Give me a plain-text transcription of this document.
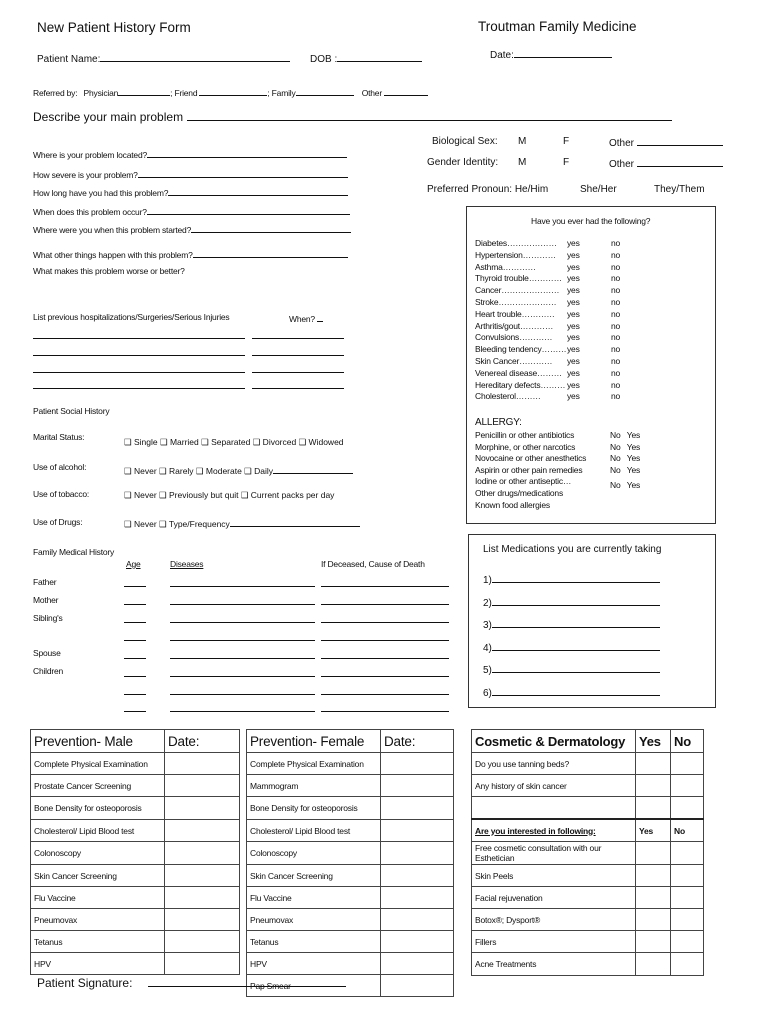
New Patient History Form	Troutman Family Medicine
Patient Name:	DOB :	Date:
Referred by: Physician	; Friend	; Family	Other
Describe your main problem
Where is your problem located?
How severe is your problem?
How long have you had this problem?
When does this problem occur?
Where were you when this problem started?
What other things happen with this problem?
What makes this problem worse or better?
Biological Sex: M	F	Other
Gender Identity: M	F	Other
Preferred Pronoun: He/Him	She/Her	They/Them
Have you ever had the following?
Diabetes……………… yes	no
Hypertension………… yes	no
Asthma…………	yes	no
Thyroid trouble………… yes	no
Cancer………………… yes	no
Stroke………………… yes	no
Heart trouble………… yes	no
Arthritis/gout………… yes	no
Convulsions………… yes	no
Bleeding tendency……… yes	no
Skin Cancer………… yes	no
Venereal disease……… yes	no
Hereditary defects……… yes	no
Cholesterol………	yes	no
ALLERGY:
Penicillin or other antibiotics	No   Yes
Morphine, or other narcotics	No   Yes
Novocaine or other anesthetics	No   Yes
Aspirin or other pain remedies	No   Yes
Iodine or other antiseptic…	No   Yes
Other drugs/medications
Known food allergies
List previous hospitalizations/Surgeries/Serious Injuries	When?
Patient Social History
Marital Status:	❑ Single ❑ Married ❑ Separated ❑ Divorced ❑ Widowed
Use of alcohol:	❑ Never ❑ Rarely ❑ Moderate ❑ Daily
Use of tobacco:	❑ Never ❑ Previously but quit ❑ Current packs per day
Use of Drugs:	❑ Never ❑ Type/Frequency
Family Medical History
Age	Diseases	If Deceased, Cause of Death
Father
Mother
Sibling's
Spouse
Children
List Medications you are currently taking
1)
2)
3)
4)
5)
6)
Prevention- Male	Date:
Complete Physical Examination	
Prostate Cancer Screening	
Bone Density for osteoporosis	
Cholesterol/ Lipid Blood test	
Colonoscopy	
Skin Cancer Screening	
Flu Vaccine	
Pneumovax	
Tetanus	
HPV	
Prevention- Female	Date:
Complete Physical Examination	
Mammogram	
Bone Density for osteoporosis	
Cholesterol/ Lipid Blood test	
Colonoscopy	
Skin Cancer Screening	
Flu Vaccine	
Pneumovax	
Tetanus	
HPV	
Pap Smear	
Cosmetic & Dermatology	Yes	No
Do you use tanning beds?		
Any history of skin cancer		

Are you interested in following:	Yes	No
Free cosmetic consultation with our Esthetician		
Skin Peels		
Facial rejuvenation		
Botox®; Dysport®		
Fillers		
Acne Treatments		
Patient Signature:
